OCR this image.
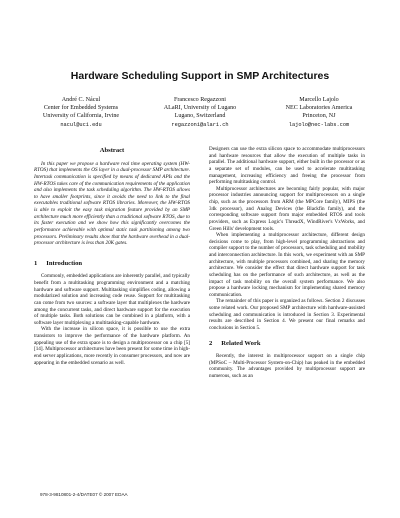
Hardware Scheduling Support in SMP Architectures
André C. Nácul
Center for Embedded Systems
University of California, Irvine
nacul@uci.edu
Francesco Regazzoni
ALaRI, University of Lugano
Lugano, Switzerland
regazzoni@alari.ch
Marcello Lajolo
NEC Laboratories America
Princeton, NJ
lajolo@nec-labs.com
Abstract

In this paper we propose a hardware real time operating system (HW-RTOS) that implements the OS layer in a dual-processor SMP architecture. Intertask communication is specified by means of dedicated APIs and the HW-RTOS takes care of the communication requirements of the application and also implements the task scheduling algorithm. The HW-RTOS allows to have smaller footprints, since it avoids the need to link to the final executables traditional software RTOS libraries. Moreover, the HW-RTOS is able to exploit the easy task migration feature provided by an SMP architecture much more efficiently than a traditional software RTOS, due to its faster execution and we show how this significantly overcomes the performance achievable with optimal static task partitioning among two processors. Preliminary results show that the hardware overhead in a dual-processor architecture is less than 20K gates.

1 Introduction

Commonly, embedded applications are inherently parallel, and typically benefit from a multitasking programming environment and a matching hardware and software support. Multitasking simplifies coding, allowing a modularized solution and increasing code reuse. Support for multitasking can come from two sources: a software layer that multiplexes the hardware among the concurrent tasks, and direct hardware support for the execution of multiple tasks. Both solutions can be combined in a platform, with a software layer multiplexing a multitasking-capable hardware.

With the increase in silicon space, it is possible to use the extra transistors to improve the performance of the hardware platform. An appealing use of the extra space is to design a multiprocessor on a chip [5] [14]. Multiprocessor architectures have been present for some time in high-end server applications, more recently in consumer processors, and now are appearing in the embedded scenario as well.

Designers can use the extra silicon space to accommodate multiprocessors and hardware resources that allow the execution of multiple tasks in parallel. The additional hardware support, either built in the processor or as a separate set of modules, can be used to accelerate multitasking management, increasing efficiency and freeing the processor from performing multitasking control.

Multiprocessor architectures are becoming fairly popular, with major processor industries announcing support for multiprocessors on a single chip, such as the processors from ARM (the MPCore family), MIPS (the 34k processor), and Analog Devices (the Blackfin family), and the corresponding software support from major embedded RTOS and tools providers, such as Express Logic's ThreadX, WindRiver's VxWorks, and Green Hills' development tools.

When implementing a multiprocessor architecture, different design decisions come to play, from high-level programming abstractions and compiler support to the number of processors, task scheduling and mobility and interconnection architecture. In this work, we experiment with an SMP architecture, with multiple processors combined, and sharing the memory architecture. We consider the effect that direct hardware support for task scheduling has on the performance of such architecture, as well as the impact of task mobility on the overall system performance. We also propose a hardware locking mechanism for implementing shared memory communication.

The remainder of this paper is organized as follows. Section 2 discusses some related work. Our proposed SMP architecture with hardware-assisted scheduling and communication is introduced in Section 3. Experimental results are described in Section 4. We present our final remarks and conclusions in Section 5.

2 Related Work

Recently, the interest in multiprocessor support on a single chip (MPSoC – Multi-Processor System-on-Chip) has peaked in the embedded community. The advantages provided by multiprocessor support are numerous, such as an

978-3-9810801-2-4/DATE07 © 2007 EDAA
